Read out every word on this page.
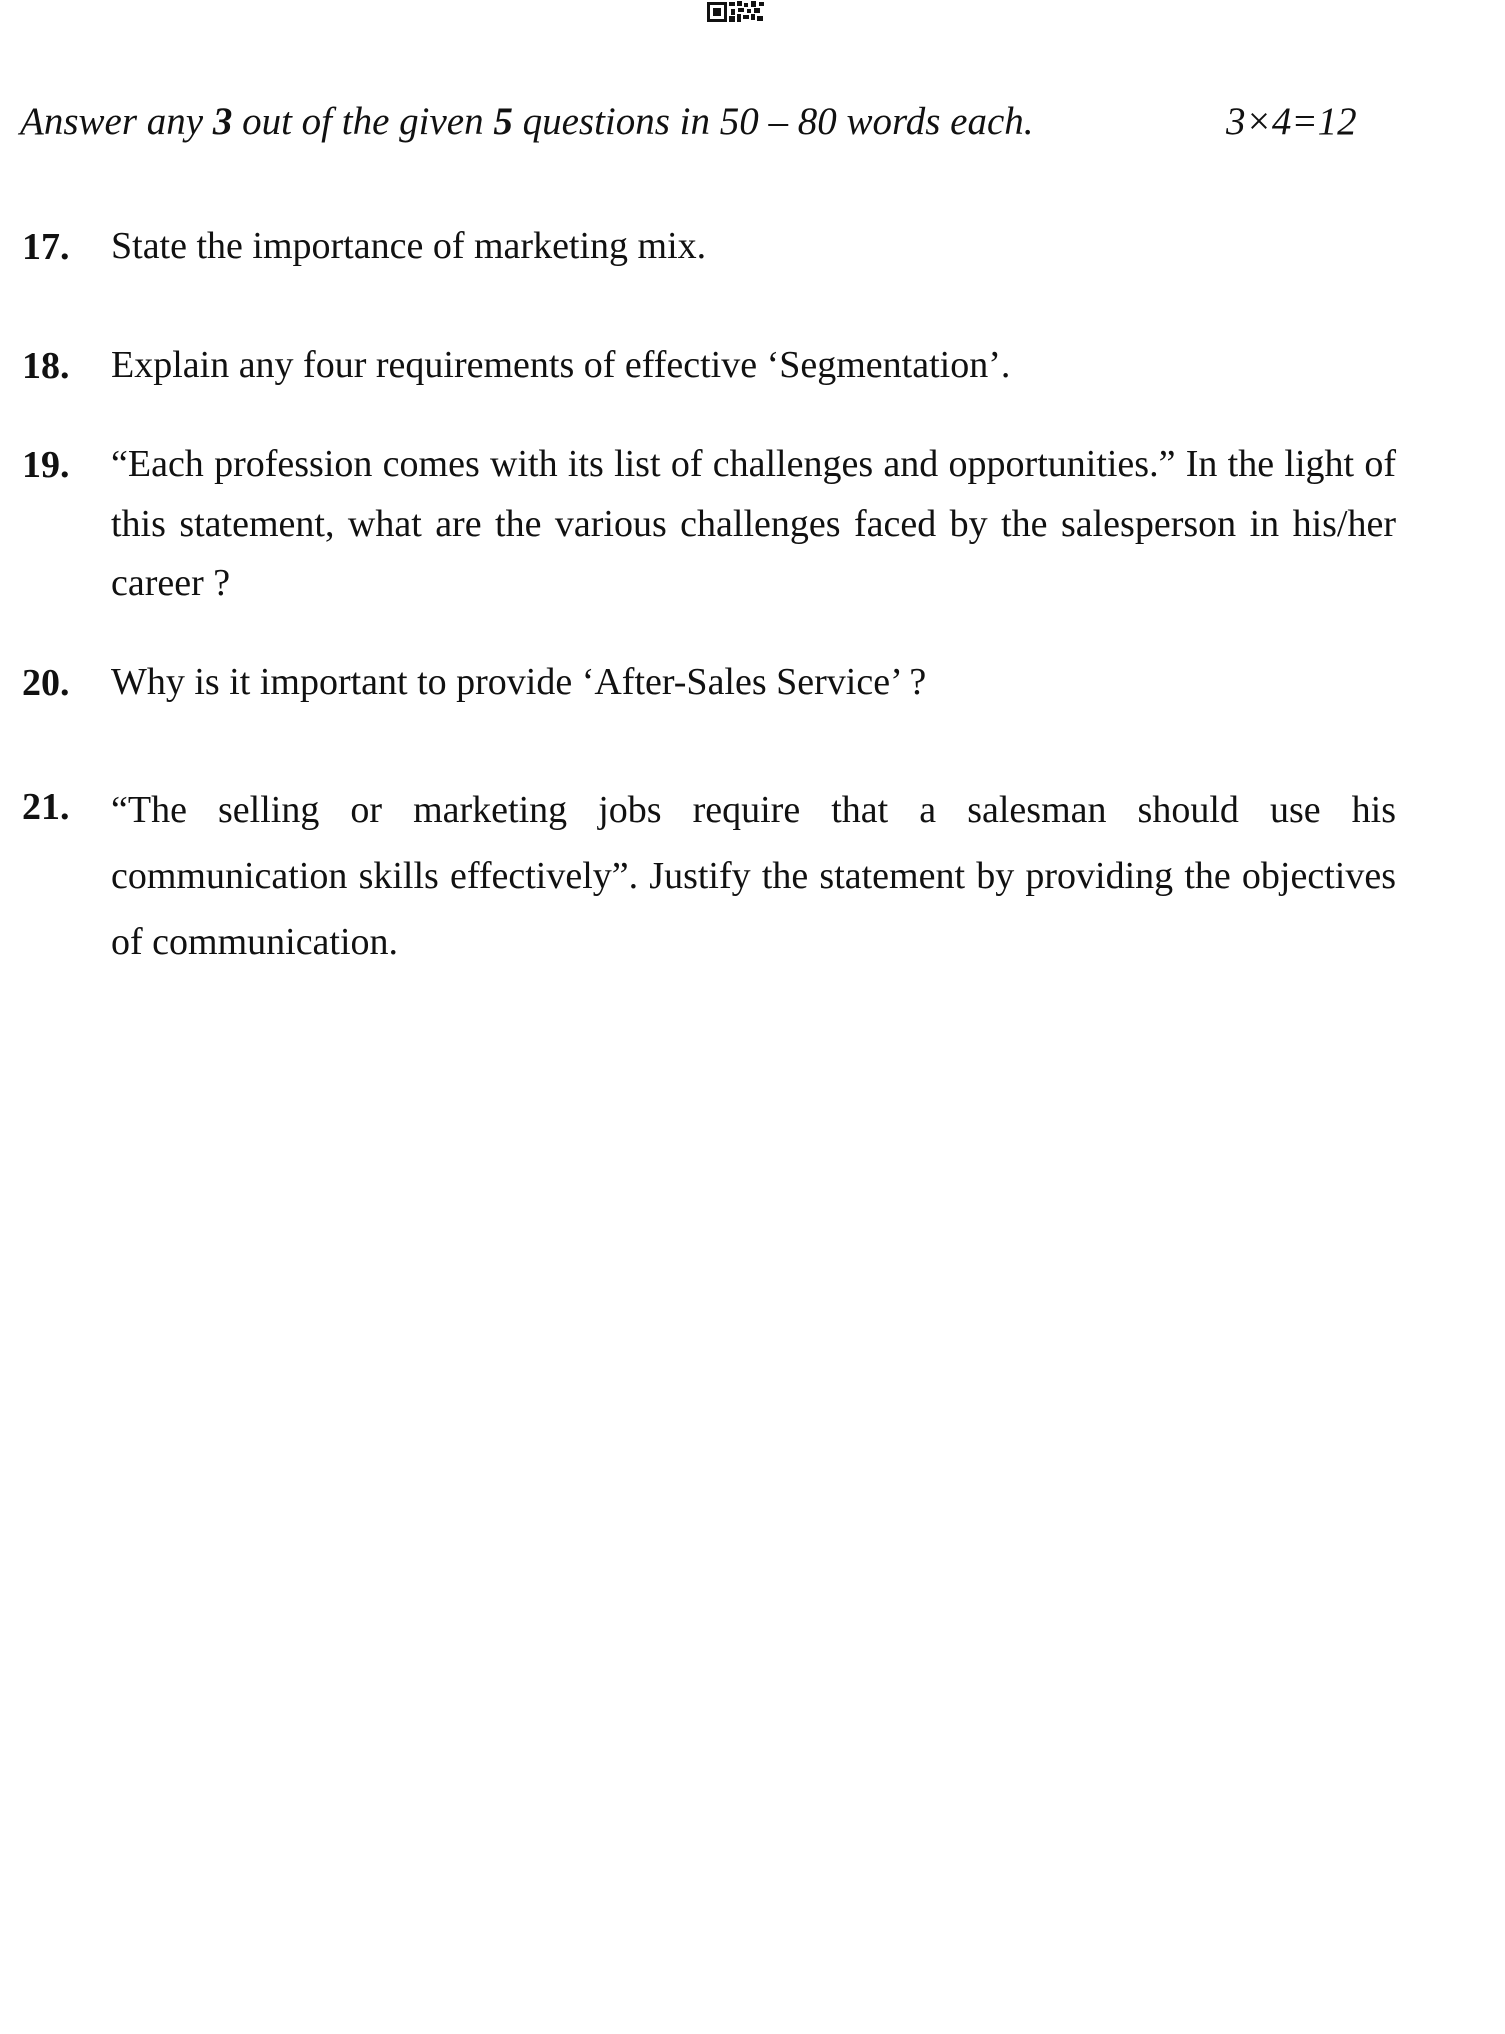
Answer any 3 out of the given 5 questions in 50 – 80 words each.	3×4=12
17. State the importance of marketing mix.
18. Explain any four requirements of effective ‘Segmentation’.
19. “Each profession comes with its list of challenges and opportunities.” In the light of this statement, what are the various challenges faced by the salesperson in his/her career ?
20. Why is it important to provide ‘After-Sales Service’ ?
21. “The selling or marketing jobs require that a salesman should use his communication skills effectively”. Justify the statement by providing the objectives of communication.
